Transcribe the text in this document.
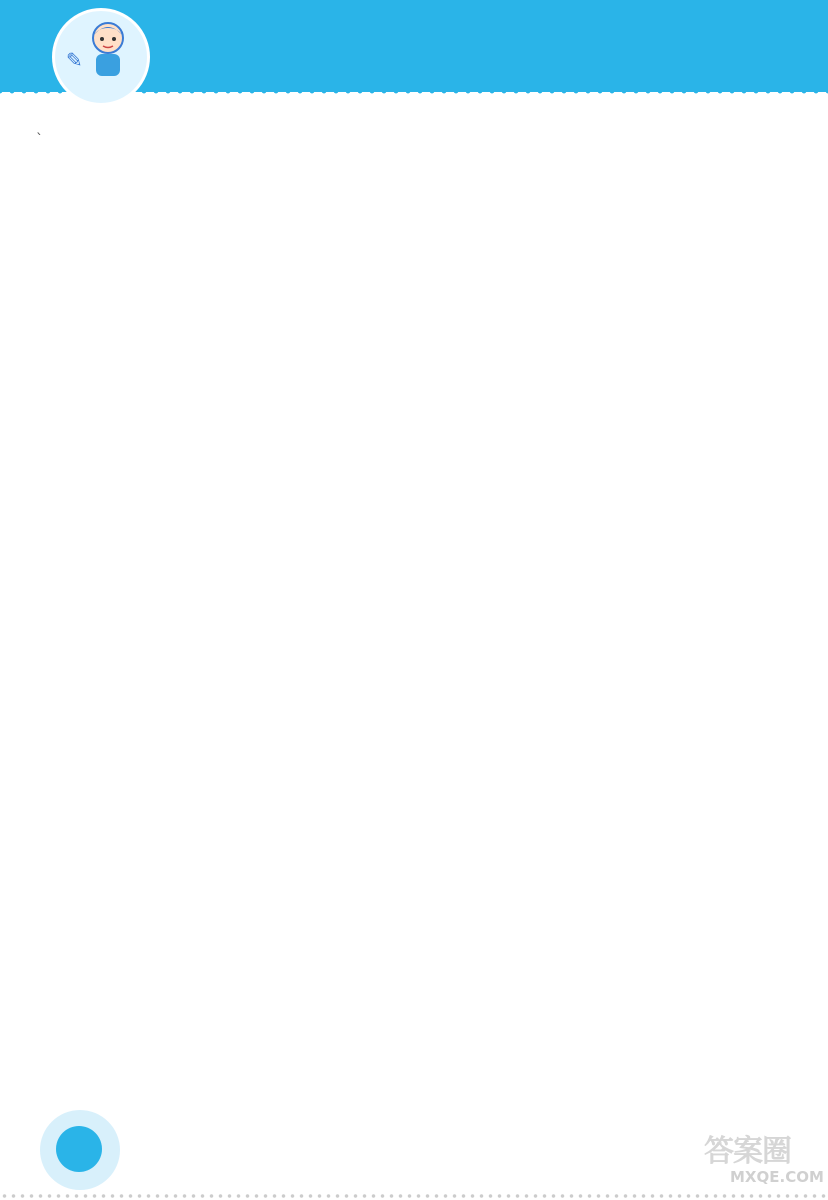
✎
`
答案圈
MXQE.COM
